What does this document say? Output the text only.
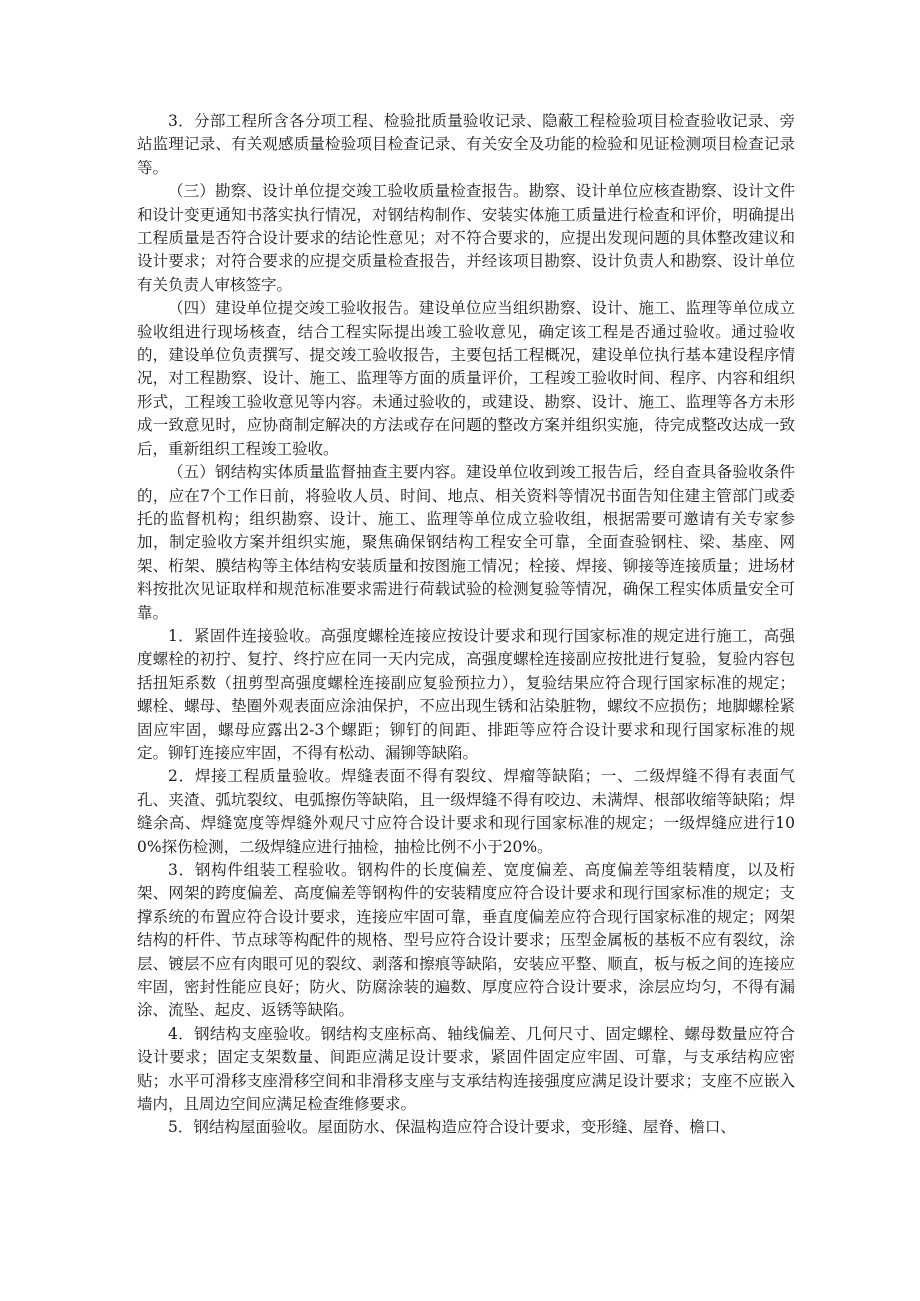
3．分部工程所含各分项工程、检验批质量验收记录、隐蔽工程检验项目检查验收记录、旁站监理记录、有关观感质量检验项目检查记录、有关安全及功能的检验和见证检测项目检查记录等。

（三）勘察、设计单位提交竣工验收质量检查报告。勘察、设计单位应核查勘察、设计文件和设计变更通知书落实执行情况，对钢结构制作、安装实体施工质量进行检查和评价，明确提出工程质量是否符合设计要求的结论性意见；对不符合要求的，应提出发现问题的具体整改建议和设计要求；对符合要求的应提交质量检查报告，并经该项目勘察、设计负责人和勘察、设计单位有关负责人审核签字。

（四）建设单位提交竣工验收报告。建设单位应当组织勘察、设计、施工、监理等单位成立验收组进行现场核查，结合工程实际提出竣工验收意见，确定该工程是否通过验收。通过验收的，建设单位负责撰写、提交竣工验收报告，主要包括工程概况，建设单位执行基本建设程序情况，对工程勘察、设计、施工、监理等方面的质量评价，工程竣工验收时间、程序、内容和组织形式，工程竣工验收意见等内容。未通过验收的，或建设、勘察、设计、施工、监理等各方未形成一致意见时，应协商制定解决的方法或存在问题的整改方案并组织实施，待完成整改达成一致后，重新组织工程竣工验收。

（五）钢结构实体质量监督抽查主要内容。建设单位收到竣工报告后，经自查具备验收条件的，应在7个工作日前，将验收人员、时间、地点、相关资料等情况书面告知住建主管部门或委托的监督机构；组织勘察、设计、施工、监理等单位成立验收组，根据需要可邀请有关专家参加，制定验收方案并组织实施，聚焦确保钢结构工程安全可靠，全面查验钢柱、梁、基座、网架、桁架、膜结构等主体结构安装质量和按图施工情况；栓接、焊接、铆接等连接质量；进场材料按批次见证取样和规范标准要求需进行荷载试验的检测复验等情况，确保工程实体质量安全可靠。

1．紧固件连接验收。高强度螺栓连接应按设计要求和现行国家标准的规定进行施工，高强度螺栓的初拧、复拧、终拧应在同一天内完成，高强度螺栓连接副应按批进行复验，复验内容包括扭矩系数（扭剪型高强度螺栓连接副应复验预拉力），复验结果应符合现行国家标准的规定；螺栓、螺母、垫圈外观表面应涂油保护，不应出现生锈和沾染脏物，螺纹不应损伤；地脚螺栓紧固应牢固，螺母应露出2-3个螺距；铆钉的间距、排距等应符合设计要求和现行国家标准的规定。铆钉连接应牢固，不得有松动、漏铆等缺陷。

2．焊接工程质量验收。焊缝表面不得有裂纹、焊瘤等缺陷；一、二级焊缝不得有表面气孔、夹渣、弧坑裂纹、电弧擦伤等缺陷，且一级焊缝不得有咬边、未满焊、根部收缩等缺陷；焊缝余高、焊缝宽度等焊缝外观尺寸应符合设计要求和现行国家标准的规定；一级焊缝应进行100%探伤检测，二级焊缝应进行抽检，抽检比例不小于20%。

3．钢构件组装工程验收。钢构件的长度偏差、宽度偏差、高度偏差等组装精度，以及桁架、网架的跨度偏差、高度偏差等钢构件的安装精度应符合设计要求和现行国家标准的规定；支撑系统的布置应符合设计要求，连接应牢固可靠，垂直度偏差应符合现行国家标准的规定；网架结构的杆件、节点球等构配件的规格、型号应符合设计要求；压型金属板的基板不应有裂纹，涂层、镀层不应有肉眼可见的裂纹、剥落和擦痕等缺陷，安装应平整、顺直，板与板之间的连接应牢固，密封性能应良好；防火、防腐涂装的遍数、厚度应符合设计要求，涂层应均匀，不得有漏涂、流坠、起皮、返锈等缺陷。

4．钢结构支座验收。钢结构支座标高、轴线偏差、几何尺寸、固定螺栓、螺母数量应符合设计要求；固定支架数量、间距应满足设计要求，紧固件固定应牢固、可靠，与支承结构应密贴；水平可滑移支座滑移空间和非滑移支座与支承结构连接强度应满足设计要求；支座不应嵌入墙内，且周边空间应满足检查维修要求。

5．钢结构屋面验收。屋面防水、保温构造应符合设计要求，变形缝、屋脊、檐口、
